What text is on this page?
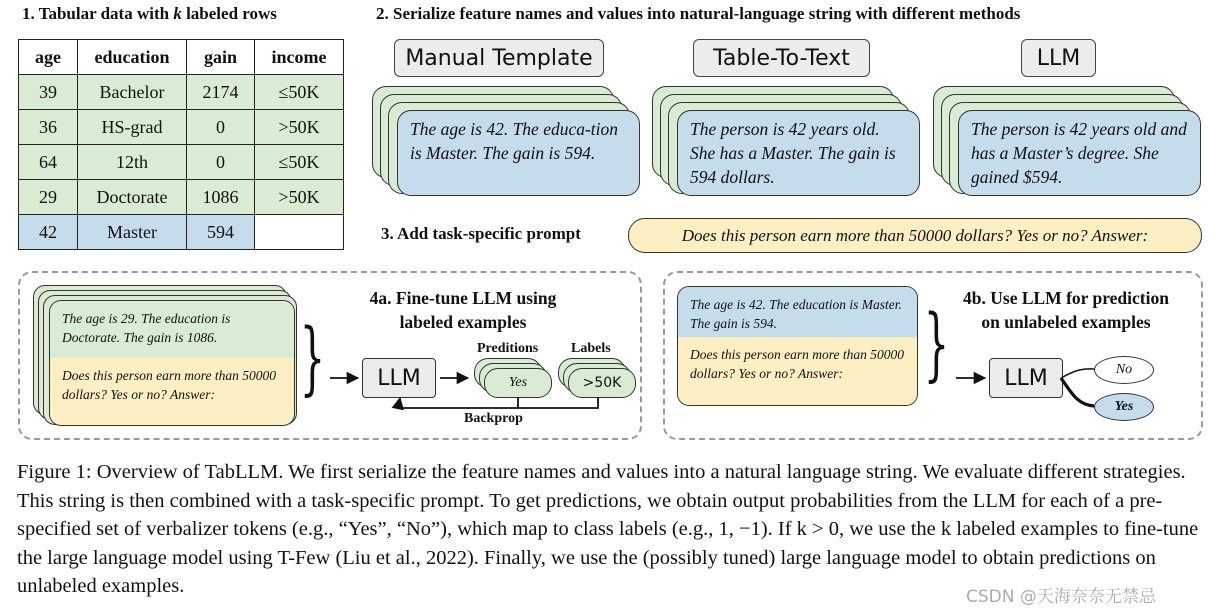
1. Tabular data with k labeled rows
age	education	gain	income
39	Bachelor	2174	≤50K
36	HS-grad	0	>50K
64	12th	0	≤50K
29	Doctorate	1086	>50K
42	Master	594	
2. Serialize feature names and values into natural-language string with different methods
Manual Template	Table-To-Text	LLM
The age is 42. The educa-tion is Master. The gain is 594.
The person is 42 years old. She has a Master. The gain is 594 dollars.
The person is 42 years old and has a Master’s degree. She gained $594.
3. Add task-specific prompt	Does this person earn more than 50000 dollars? Yes or no? Answer:
The age is 29. The education is Doctorate. The gain is 1086.
Does this person earn more than 50000 dollars? Yes or no? Answer:	}
4a. Fine-tune LLM using
labeled examples
LLM
Preditions Labels
Yes	>50K
Backprop
The age is 42. The education is Master. The gain is 594.
Does this person earn more than 50000 dollars? Yes or no? Answer:	} 4b. Use LLM for prediction
on unlabeled examples
LLM	No
Yes
Figure 1: Overview of TabLLM. We first serialize the feature names and values into a natural language string. We evaluate different strategies. This string is then combined with a task-specific prompt. To get predictions, we obtain output probabilities from the LLM for each of a pre-specified set of verbalizer tokens (e.g., “Yes”, “No”), which map to class labels (e.g., 1, −1). If k > 0, we use the k labeled examples to fine-tune the large language model using T-Few (Liu et al., 2022). Finally, we use the (possibly tuned) large language model to obtain predictions on unlabeled examples.	CSDN @天海奈奈无禁忌
